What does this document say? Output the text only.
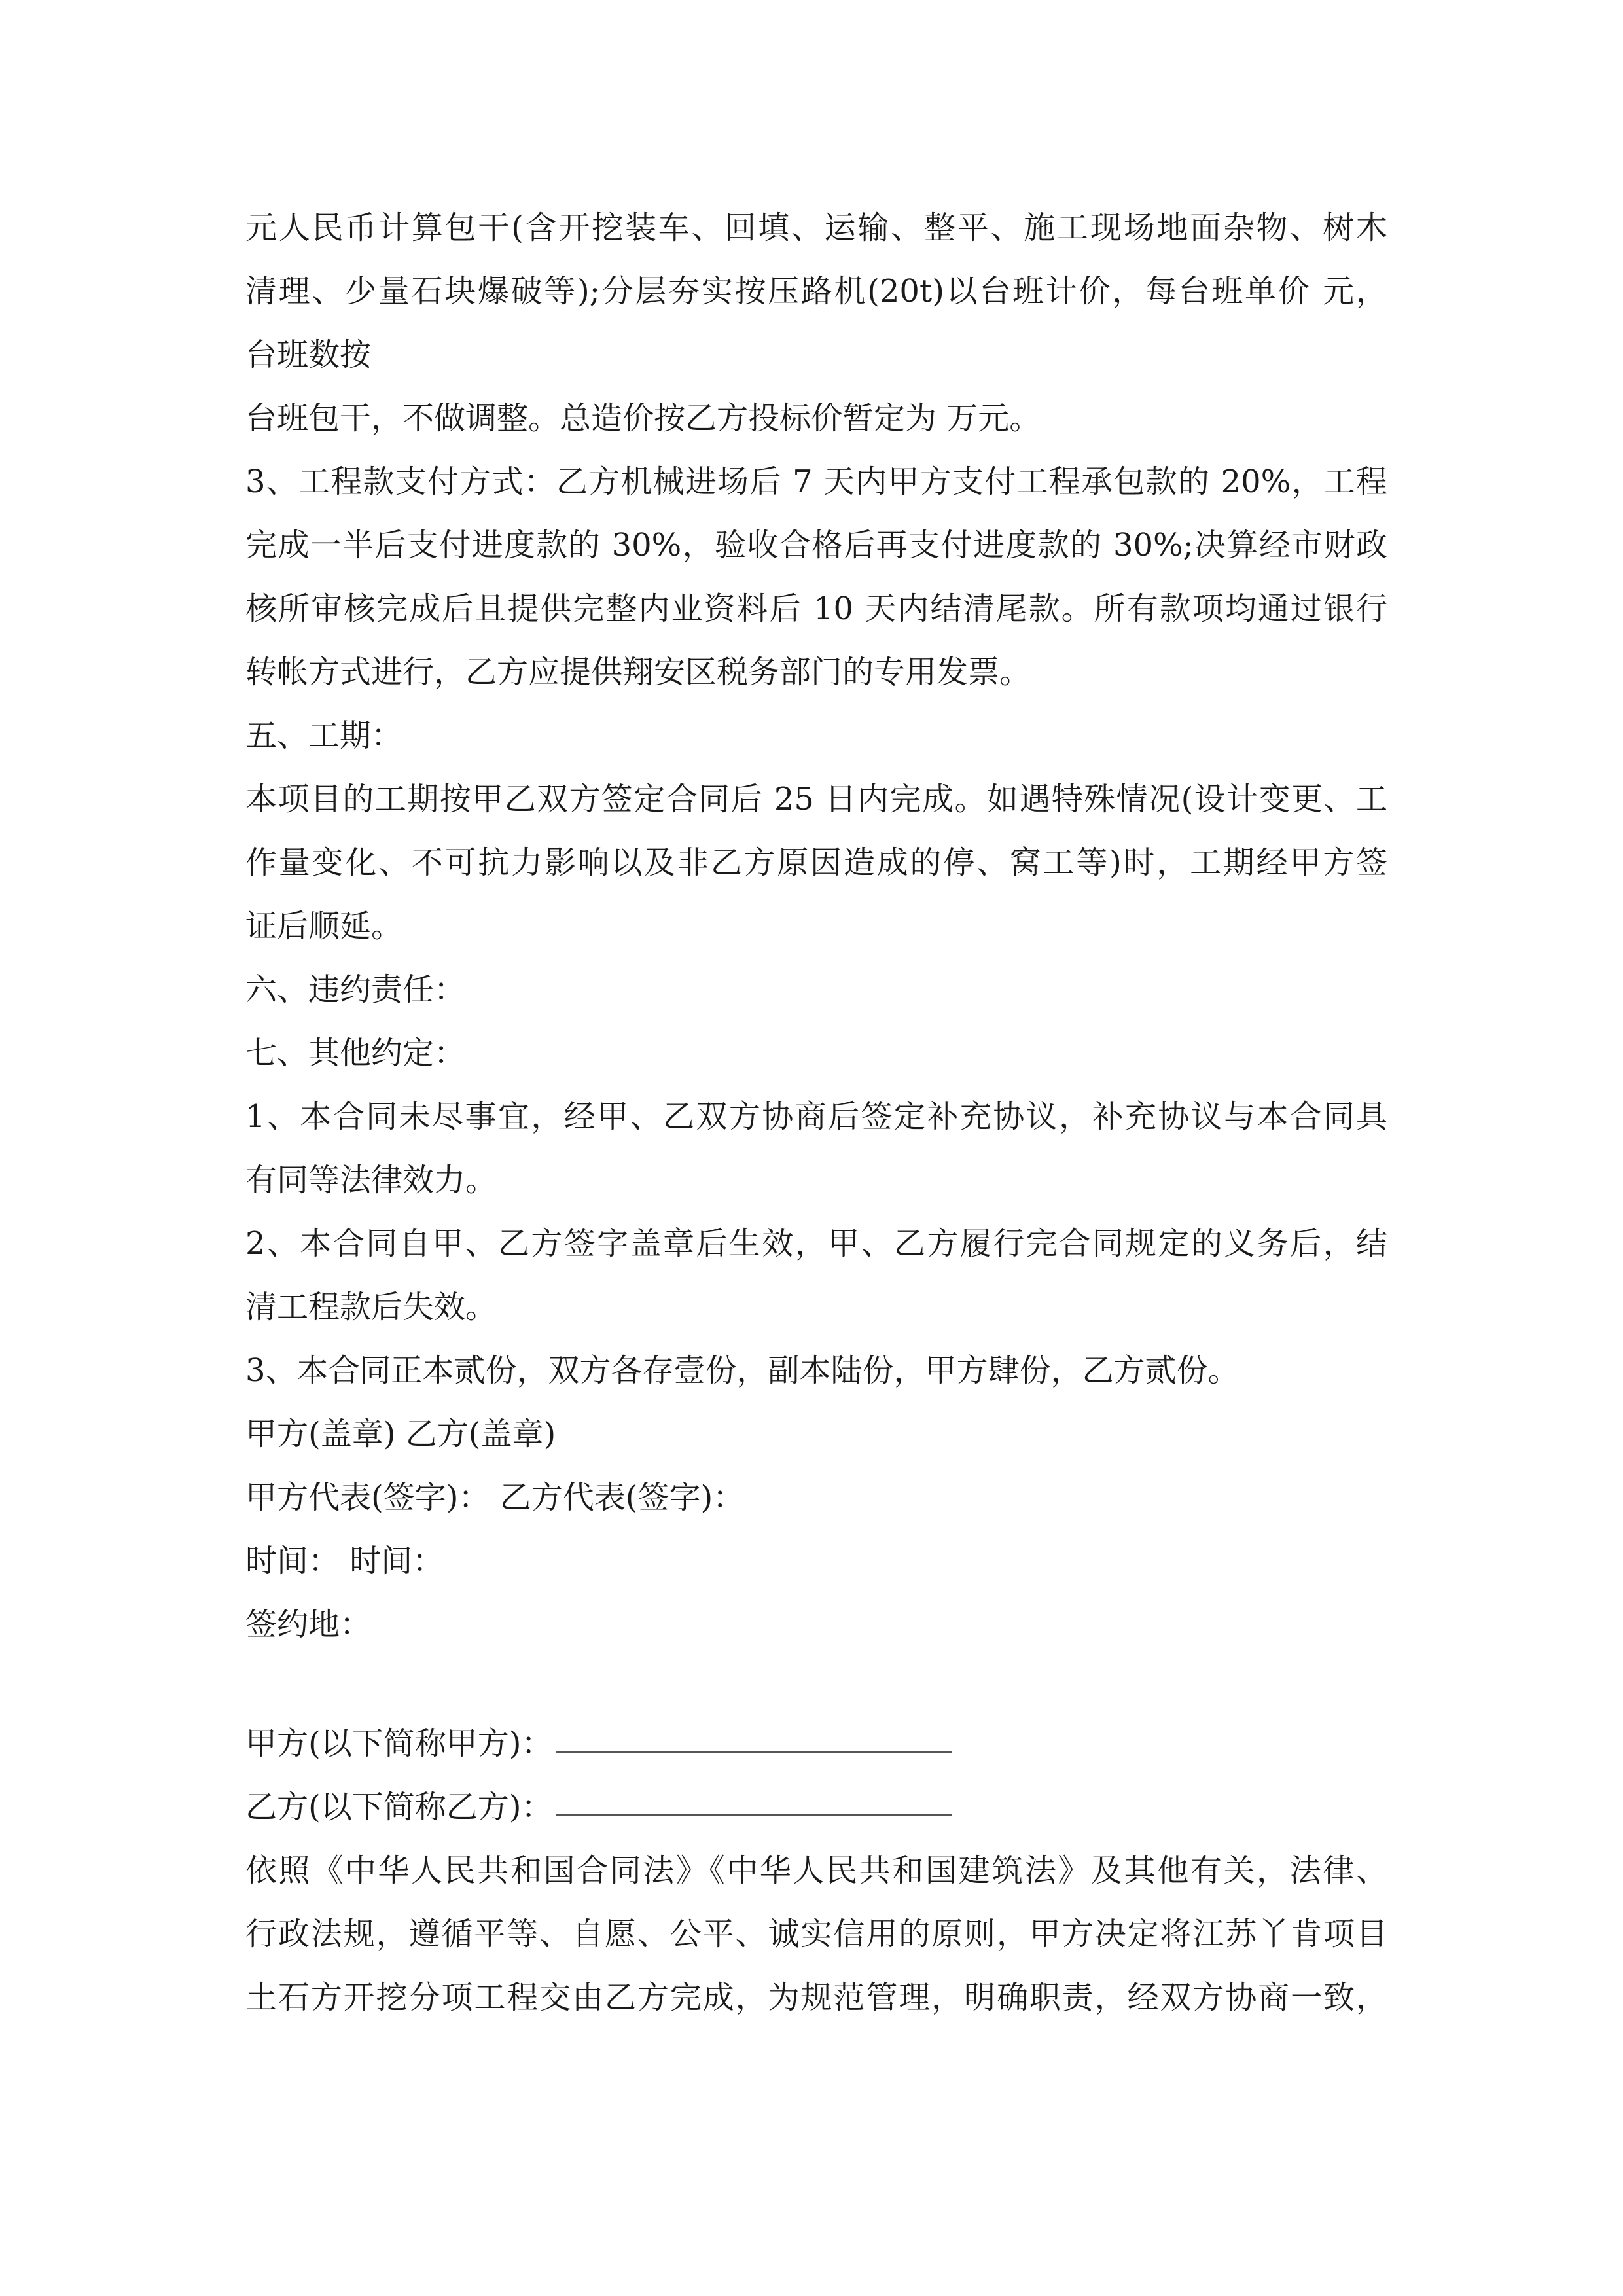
元人民币计算包干(含开挖装车、回填、运输、整平、施工现场地面杂物、树木
清理、少量石块爆破等);分层夯实按压路机(20t)以台班计价，每台班单价 元，
台班数按
台班包干，不做调整。总造价按乙方投标价暂定为 万元。
3、工程款支付方式：乙方机械进场后 7 天内甲方支付工程承包款的 20%，工程
完成一半后支付进度款的 30%，验收合格后再支付进度款的 30%;决算经市财政
核所审核完成后且提供完整内业资料后 10 天内结清尾款。所有款项均通过银行
转帐方式进行，乙方应提供翔安区税务部门的专用发票。
五、工期：
本项目的工期按甲乙双方签定合同后 25 日内完成。如遇特殊情况(设计变更、工
作量变化、不可抗力影响以及非乙方原因造成的停、窝工等)时，工期经甲方签
证后顺延。
六、违约责任：
七、其他约定：
1、本合同未尽事宜，经甲、乙双方协商后签定补充协议，补充协议与本合同具
有同等法律效力。
2、本合同自甲、乙方签字盖章后生效，甲、乙方履行完合同规定的义务后，结
清工程款后失效。
3、本合同正本贰份，双方各存壹份，副本陆份，甲方肆份，乙方贰份。
甲方(盖章) 乙方(盖章)
甲方代表(签字)： 乙方代表(签字)：
时间： 时间：
签约地：
甲方(以下简称甲方)：
乙方(以下简称乙方)：
依照《中华人民共和国合同法》《中华人民共和国建筑法》及其他有关，法律、
行政法规，遵循平等、自愿、公平、诚实信用的原则，甲方决定将江苏丫肯项目
土石方开挖分项工程交由乙方完成，为规范管理，明确职责，经双方协商一致，
